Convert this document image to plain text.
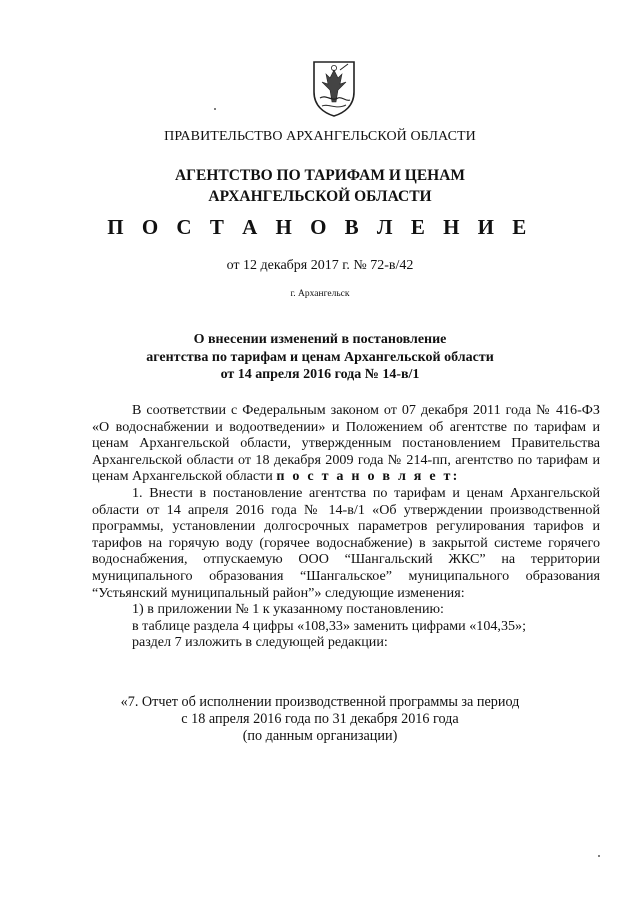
ПРАВИТЕЛЬСТВО АРХАНГЕЛЬСКОЙ ОБЛАСТИ
АГЕНТСТВО ПО ТАРИФАМ И ЦЕНАМ
АРХАНГЕЛЬСКОЙ ОБЛАСТИ
П О С Т А Н О В Л Е Н И Е
от 12 декабря 2017 г. № 72-в/42
г. Архангельск
О внесении изменений в постановление
агентства по тарифам и ценам Архангельской области
от 14 апреля 2016 года № 14-в/1

В соответствии с Федеральным законом от 07 декабря 2011 года № 416-ФЗ «О водоснабжении и водоотведении» и Положением об агентстве по тарифам и ценам Архангельской области, утвержденным постановлением Правительства Архангельской области от 18 декабря 2009 года № 214-пп, агентство по тарифам и ценам Архангельской области п о с т а н о в л я е т:

1. Внести в постановление агентства по тарифам и ценам Архангельской области от 14 апреля 2016 года № 14-в/1 «Об утверждении производственной программы, установлении долгосрочных параметров регулирования тарифов и тарифов на горячую воду (горячее водоснабжение) в закрытой системе горячего водоснабжения, отпускаемую ООО “Шангальский ЖКС” на территории муниципального образования “Шангальское” муниципального образования “Устьянский муниципальный район”» следующие изменения:

1) в приложении № 1 к указанному постановлению:
в таблице раздела 4 цифры «108,33» заменить цифрами «104,35»;
раздел 7 изложить в следующей редакции:
«7. Отчет об исполнении производственной программы за период
с 18 апреля 2016 года по 31 декабря 2016 года
(по данным организации)
